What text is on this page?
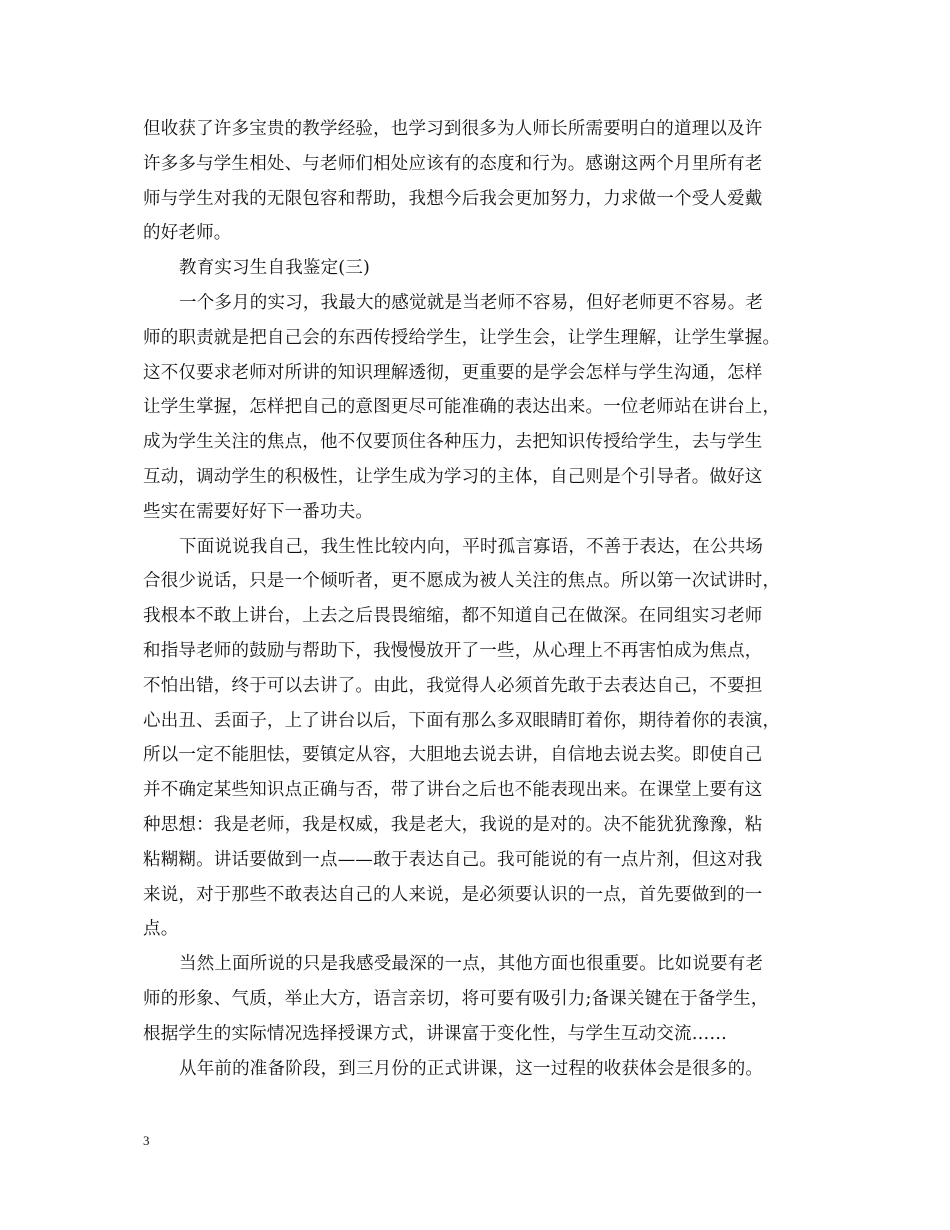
但收获了许多宝贵的教学经验，也学习到很多为人师长所需要明白的道理以及许
许多多与学生相处、与老师们相处应该有的态度和行为。感谢这两个月里所有老
师与学生对我的无限包容和帮助，我想今后我会更加努力，力求做一个受人爱戴
的好老师。
教育实习生自我鉴定(三)
一个多月的实习，我最大的感觉就是当老师不容易，但好老师更不容易。老
师的职责就是把自己会的东西传授给学生，让学生会，让学生理解，让学生掌握。
这不仅要求老师对所讲的知识理解透彻，更重要的是学会怎样与学生沟通，怎样
让学生掌握，怎样把自己的意图更尽可能准确的表达出来。一位老师站在讲台上，
成为学生关注的焦点，他不仅要顶住各种压力，去把知识传授给学生，去与学生
互动，调动学生的积极性，让学生成为学习的主体，自己则是个引导者。做好这
些实在需要好好下一番功夫。
下面说说我自己，我生性比较内向，平时孤言寡语，不善于表达，在公共场
合很少说话，只是一个倾听者，更不愿成为被人关注的焦点。所以第一次试讲时，
我根本不敢上讲台，上去之后畏畏缩缩，都不知道自己在做深。在同组实习老师
和指导老师的鼓励与帮助下，我慢慢放开了一些，从心理上不再害怕成为焦点，
不怕出错，终于可以去讲了。由此，我觉得人必须首先敢于去表达自己，不要担
心出丑、丢面子，上了讲台以后，下面有那么多双眼睛盯着你，期待着你的表演，
所以一定不能胆怯，要镇定从容，大胆地去说去讲，自信地去说去奖。即使自己
并不确定某些知识点正确与否，带了讲台之后也不能表现出来。在课堂上要有这
种思想：我是老师，我是权威，我是老大，我说的是对的。决不能犹犹豫豫，粘
粘糊糊。讲话要做到一点——敢于表达自己。我可能说的有一点片剂，但这对我
来说，对于那些不敢表达自己的人来说，是必须要认识的一点，首先要做到的一
点。
当然上面所说的只是我感受最深的一点，其他方面也很重要。比如说要有老
师的形象、气质，举止大方，语言亲切，将可要有吸引力;备课关键在于备学生，
根据学生的实际情况选择授课方式，讲课富于变化性，与学生互动交流……
从年前的准备阶段，到三月份的正式讲课，这一过程的收获体会是很多的。
3
